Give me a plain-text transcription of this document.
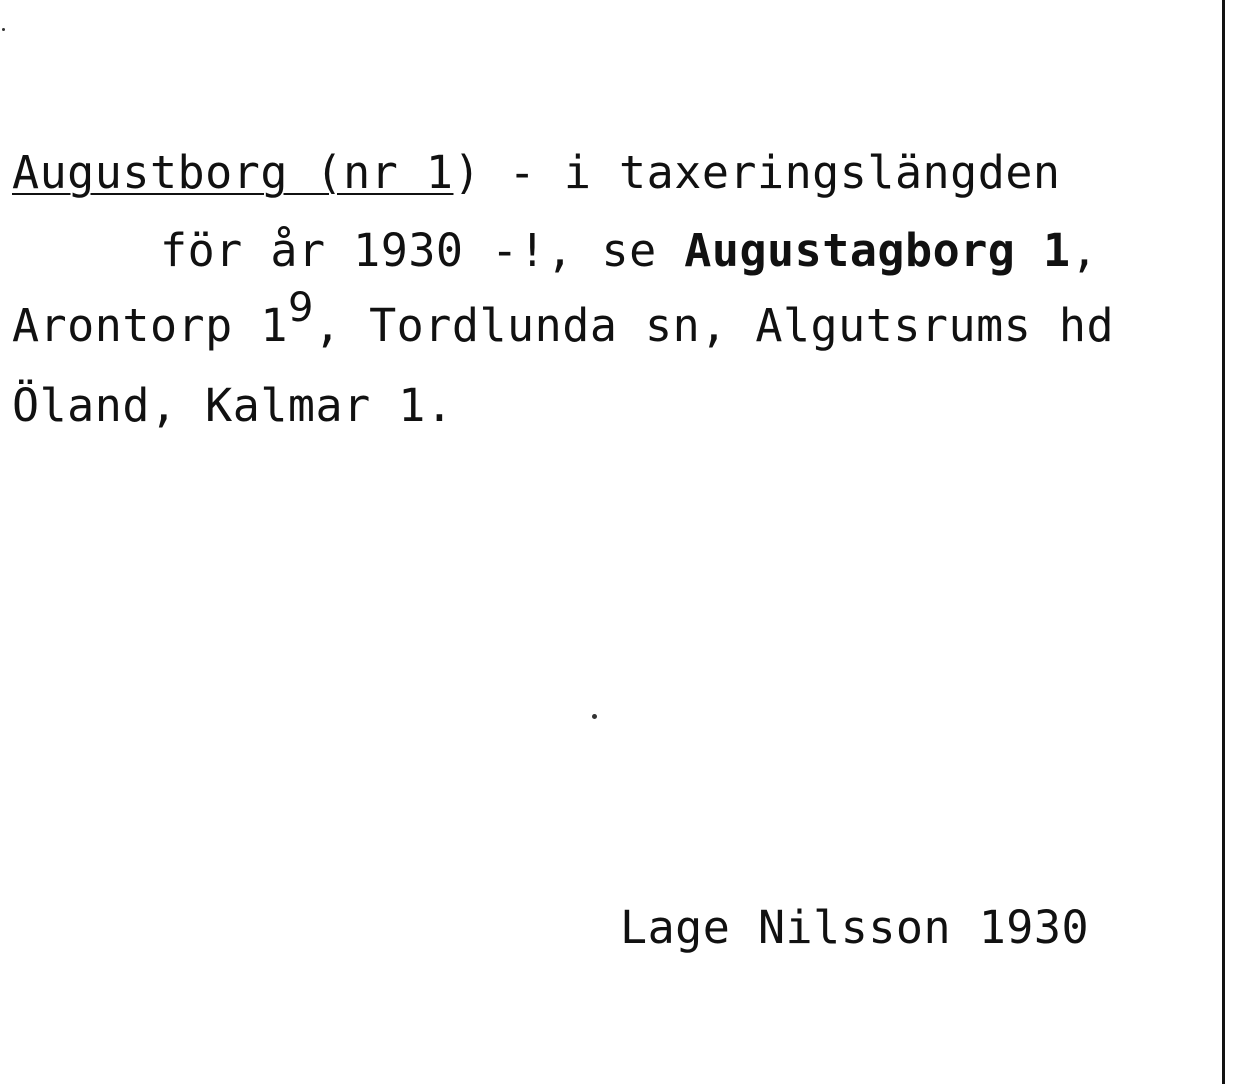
Augustborg (nr 1) - i taxeringslängden
för år 1930 -!, se Augustagborg 1,
Arontorp 19, Tordlunda sn, Algutsrums hd
Öland, Kalmar 1.
Lage Nilsson 1930
